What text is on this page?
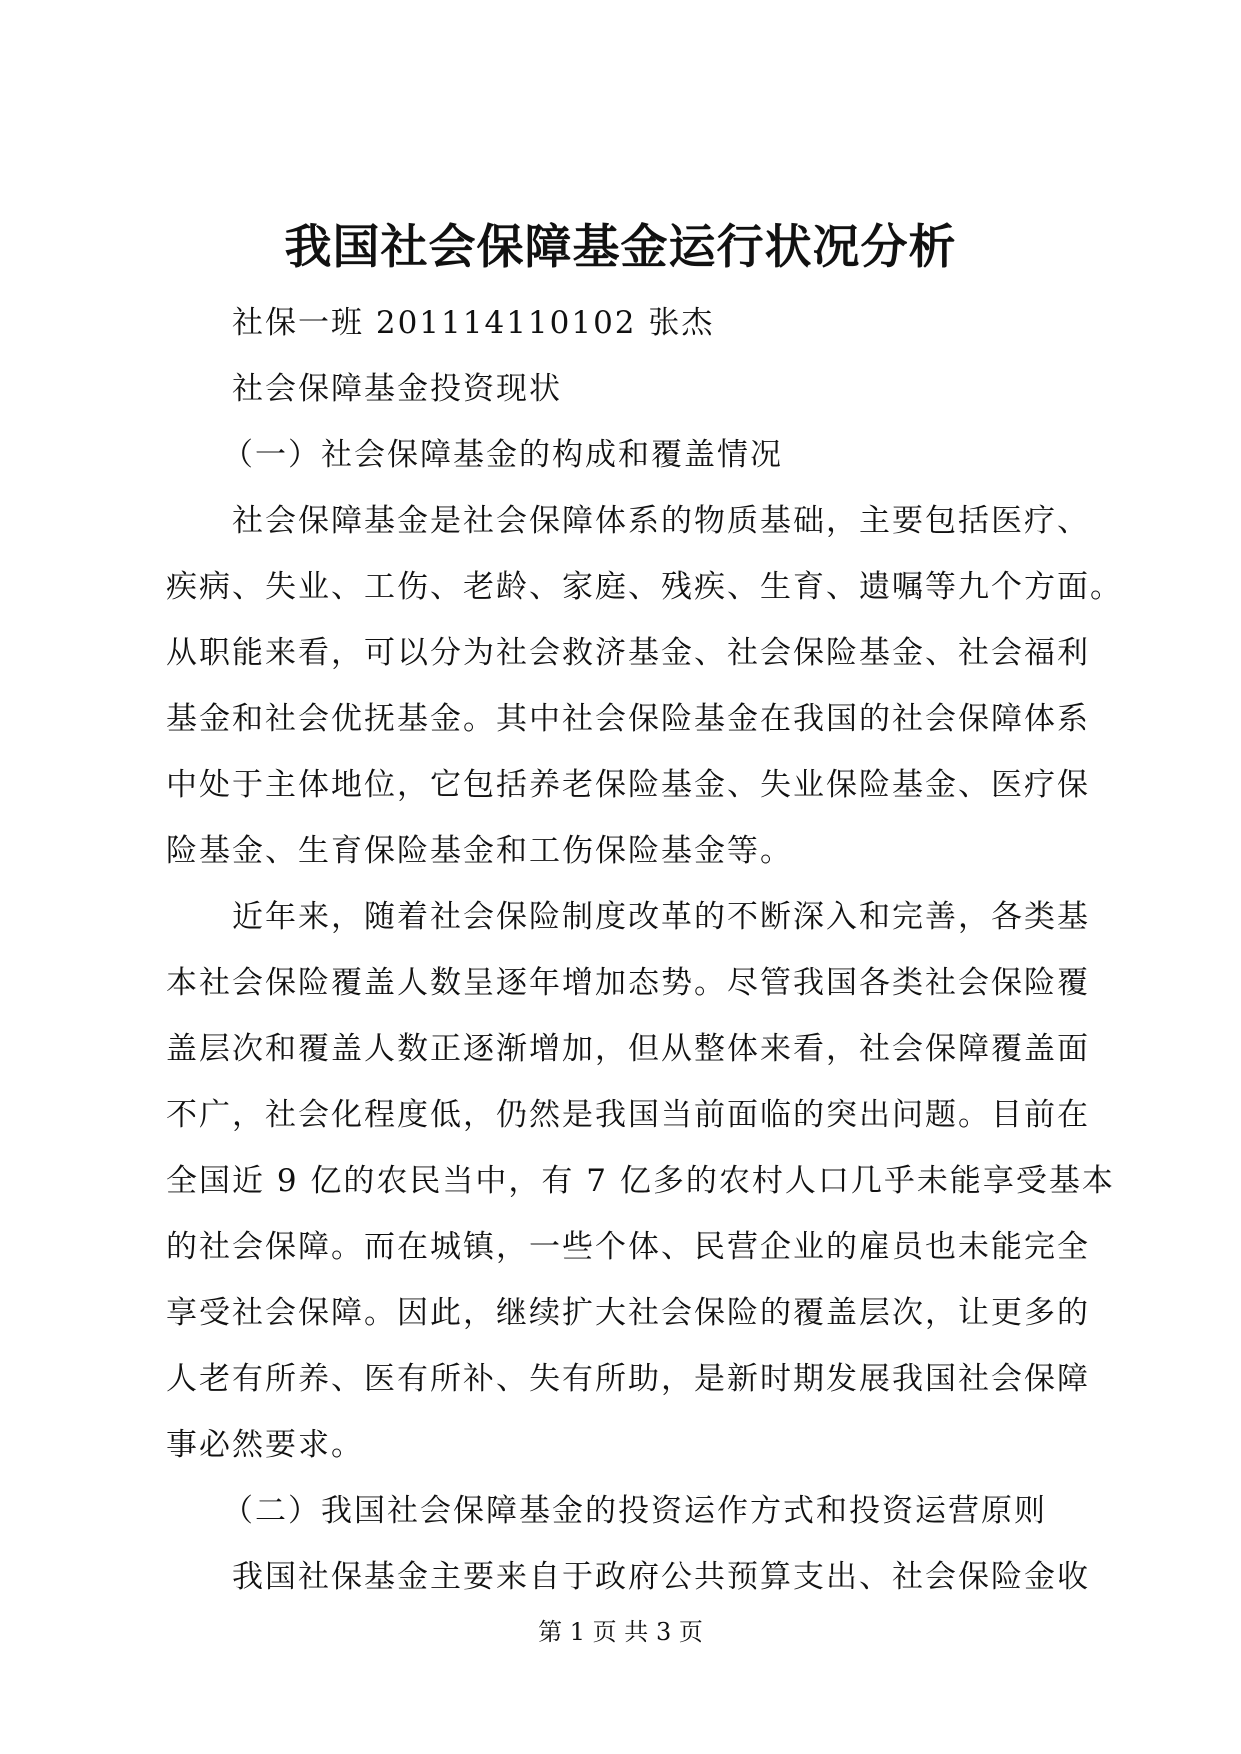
我国社会保障基金运行状况分析
社保一班 201114110102 张杰
社会保障基金投资现状
（一）社会保障基金的构成和覆盖情况
社会保障基金是社会保障体系的物质基础，主要包括医疗、
疾病、失业、工伤、老龄、家庭、残疾、生育、遗嘱等九个方面。
从职能来看，可以分为社会救济基金、社会保险基金、社会福利
基金和社会优抚基金。其中社会保险基金在我国的社会保障体系
中处于主体地位，它包括养老保险基金、失业保险基金、医疗保
险基金、生育保险基金和工伤保险基金等。
近年来，随着社会保险制度改革的不断深入和完善，各类基
本社会保险覆盖人数呈逐年增加态势。尽管我国各类社会保险覆
盖层次和覆盖人数正逐渐增加，但从整体来看，社会保障覆盖面
不广，社会化程度低，仍然是我国当前面临的突出问题。目前在
全国近 9 亿的农民当中，有 7 亿多的农村人口几乎未能享受基本
的社会保障。而在城镇，一些个体、民营企业的雇员也未能完全
享受社会保障。因此，继续扩大社会保险的覆盖层次，让更多的
人老有所养、医有所补、失有所助，是新时期发展我国社会保障
事必然要求。
（二）我国社会保障基金的投资运作方式和投资运营原则
我国社保基金主要来自于政府公共预算支出、社会保险金收
第 1 页 共 3 页
